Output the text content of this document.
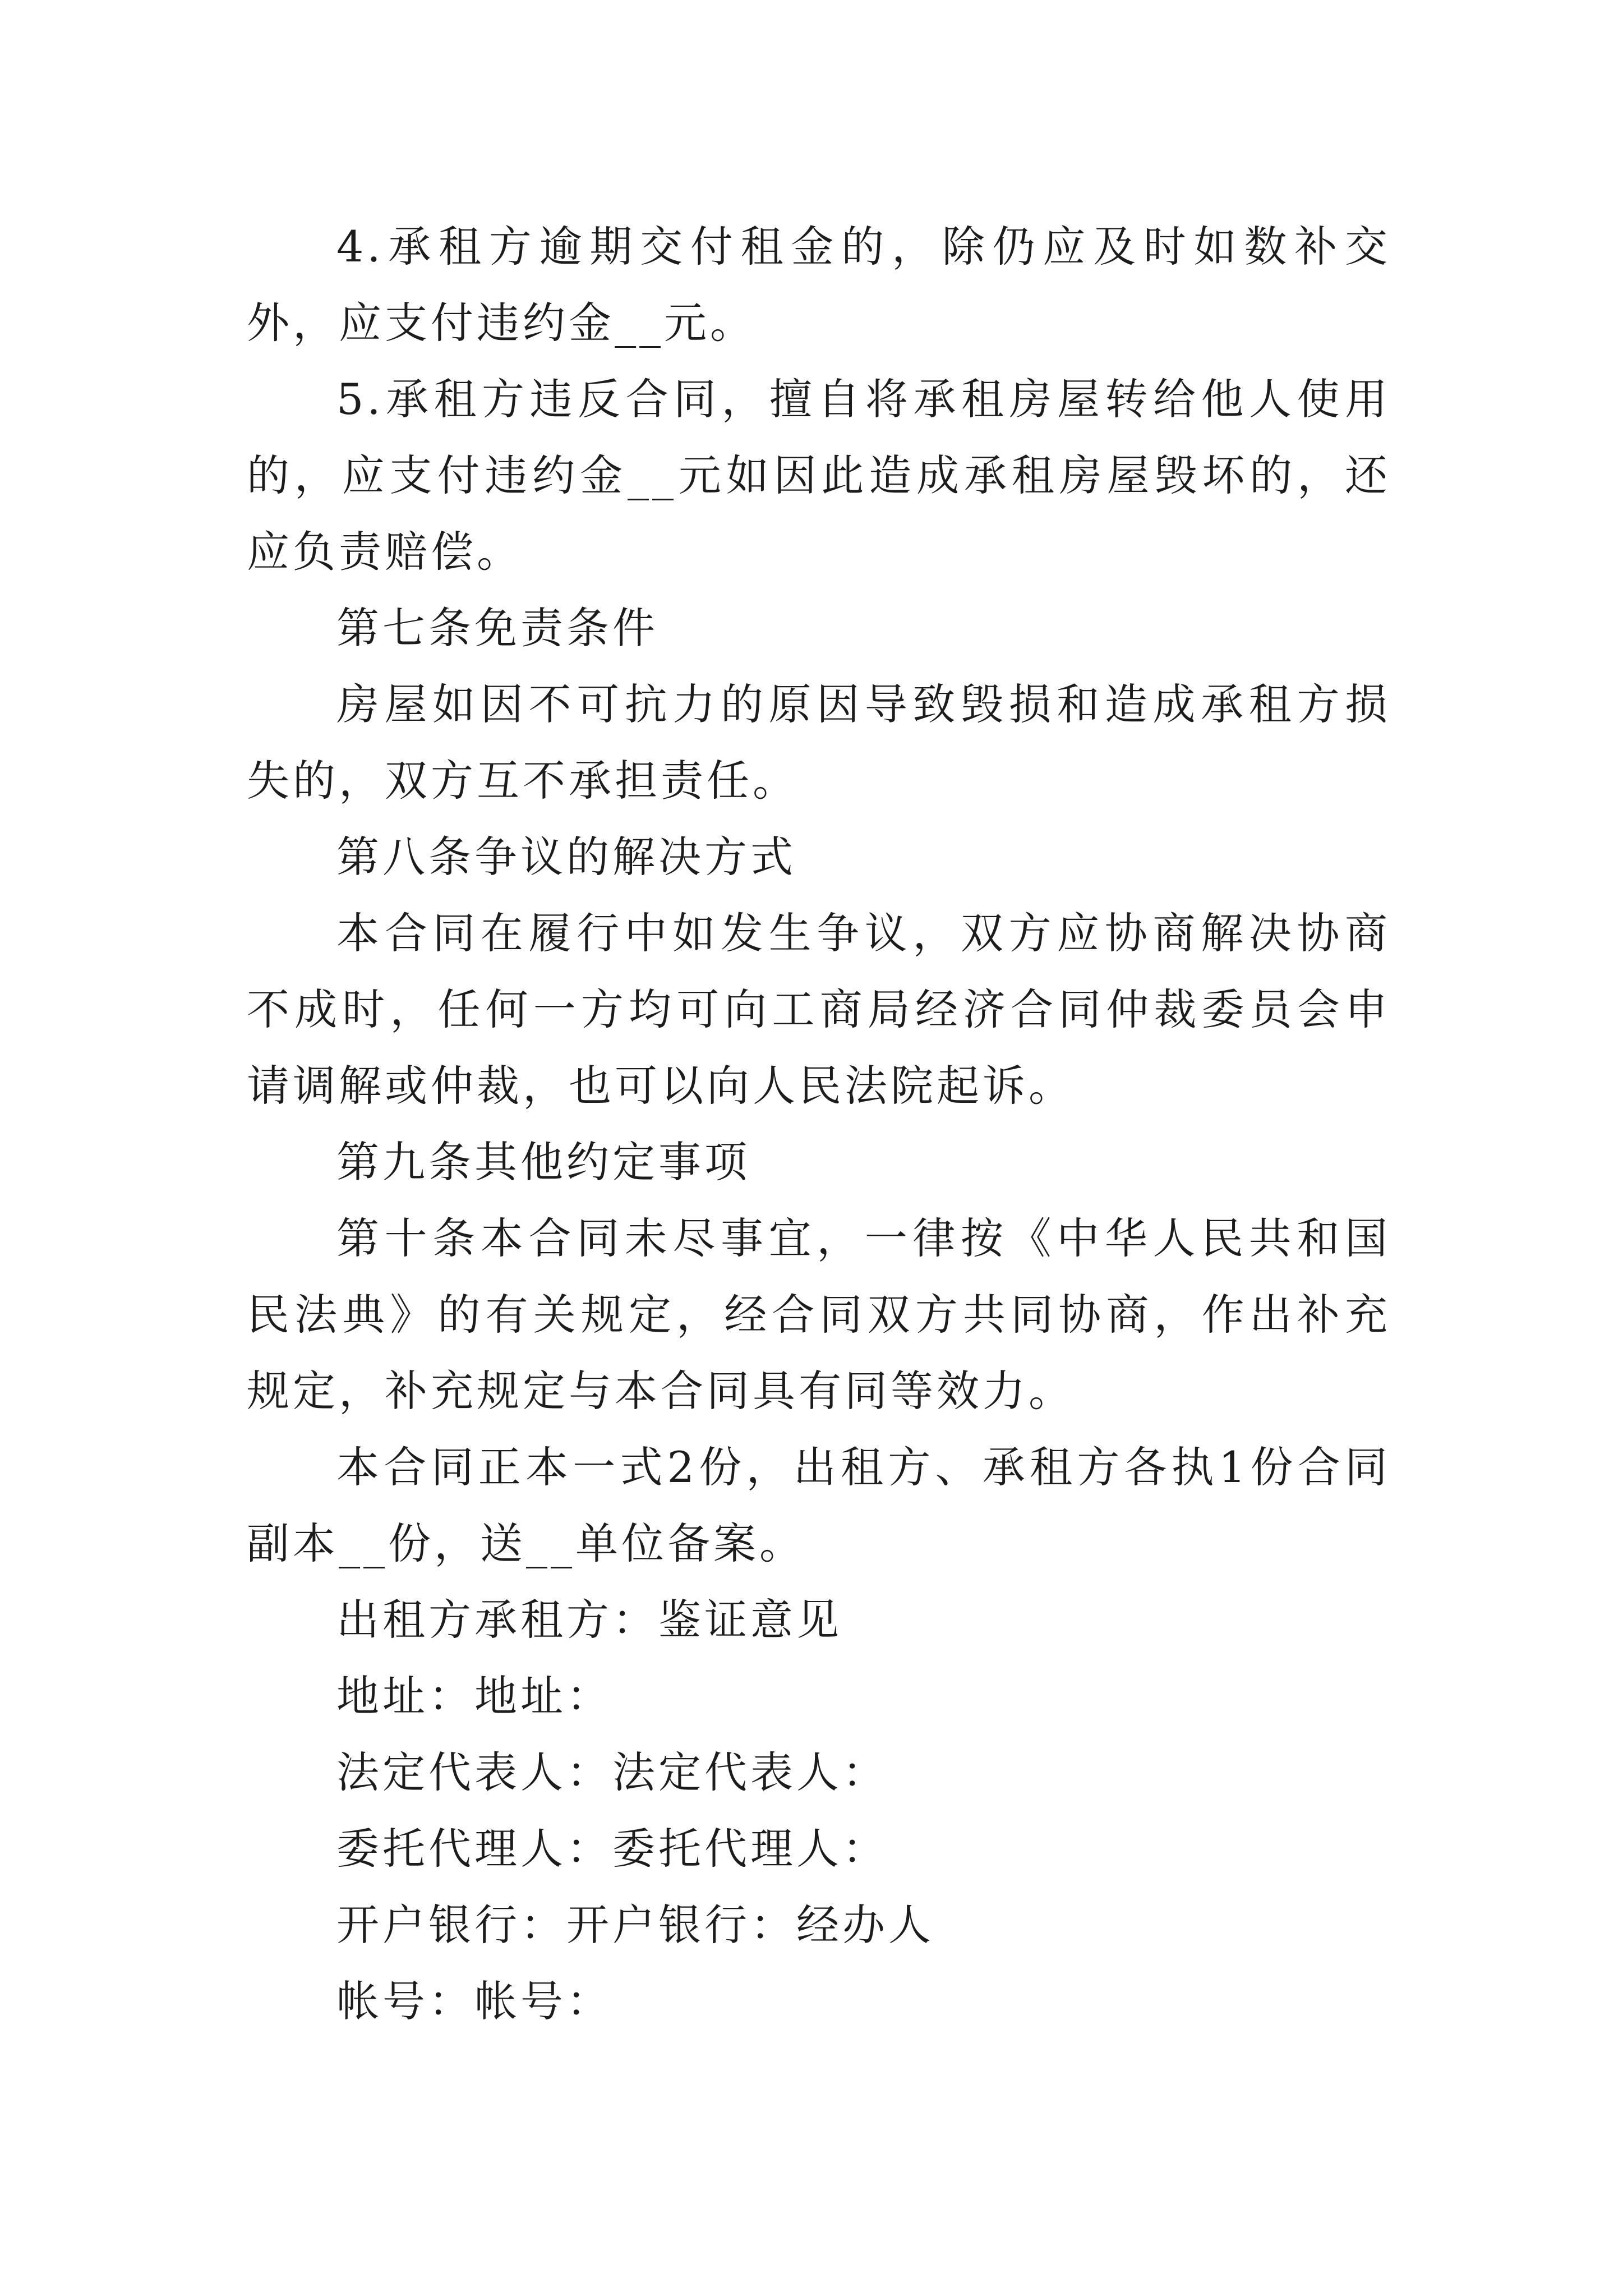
4.承租方逾期交付租金的，除仍应及时如数补交外，应支付违约金__元。

5.承租方违反合同，擅自将承租房屋转给他人使用的，应支付违约金__元如因此造成承租房屋毁坏的，还应负责赔偿。

第七条免责条件

房屋如因不可抗力的原因导致毁损和造成承租方损失的，双方互不承担责任。

第八条争议的解决方式

本合同在履行中如发生争议，双方应协商解决协商不成时，任何一方均可向工商局经济合同仲裁委员会申请调解或仲裁，也可以向人民法院起诉。

第九条其他约定事项

第十条本合同未尽事宜，一律按《中华人民共和国民法典》的有关规定，经合同双方共同协商，作出补充规定，补充规定与本合同具有同等效力。

本合同正本一式2份，出租方、承租方各执1份合同副本__份，送__单位备案。

出租方承租方：鉴证意见

地址：地址：

法定代表人：法定代表人：

委托代理人：委托代理人：

开户银行：开户银行：经办人

帐号：帐号：
